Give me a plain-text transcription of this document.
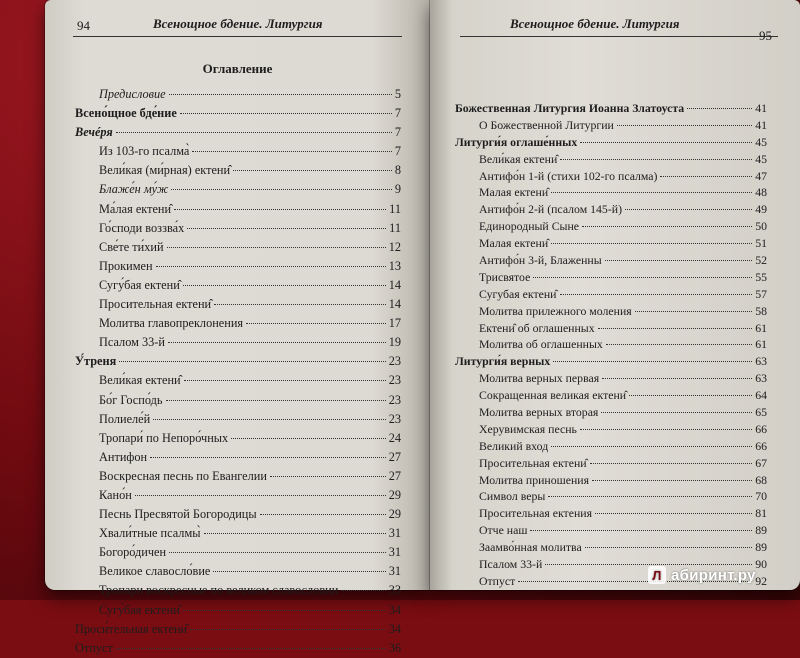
94	Всенощное бдение. Литургия
Оглавление
Предисловие	5
Всено́щное бде́ние	7
Вечéря	7
Из 103-го псалма̀	7
Вели́кая (ми́рная) ектени̂	8
Блаже́н му́ж	9
Ма́лая ектени̂	11
Го́споди воззва́х	11
Све́те ти́хий	12
Прокимен	13
Сугу́бая ектени̂	14
Просительная ектени̂	14
Молитва главопреклонения	17
Псалом 33-й	19
У́треня	23
Вели́кая ектени̂	23
Бо́г Госпо́дь	23
Полиеле́й	23
Тропари́ по Непоро́чных	24
Антифон	27
Воскресная песнь по Евангелии	27
Кано́н	29
Песнь Пресвятой Богородицы	29
Хвали́тные псалмы̀	31
Богоро́дичен	31
Великое славосло́вие	31
Тропари воскресные по великом славословии	33
Сугу́бая ектени̂	34
Проси́тельная ектени̂	34
Отпуст	36
Всенощное бдение. Литургия
95
Божественная Литургия Иоанна Златоуста	41
О Божественной Литургии	41
Литурги́я оглаше́нных	45
Вели́кая ектени̂	45
Антифо́н 1-й (стихи 102-го псалма)	47
Малая ектени̂	48
Антифо́н 2-й (псалом 145-й)	49
Единородный Сыне	50
Малая ектени̂	51
Антифо́н 3-й, Блаженны	52
Трисвятое	55
Сугубая ектени̂	57
Молитва прилежного моления	58
Ектени̂ об оглашенных	61
Молитва об оглашенных	61
Литурги́я верных	63
Молитва верных первая	63
Сокращенная великая ектени̂	64
Молитва верных вторая	65
Херувимская песнь	66
Великий вход	66
Просительная ектени̂	67
Молитва приношения	68
Символ веры	70
Просительная ектения	81
Отче наш	89
Заамво́нная молитва	89
Псалом 33-й	90
Отпуст	92
Л абиринт.ру
